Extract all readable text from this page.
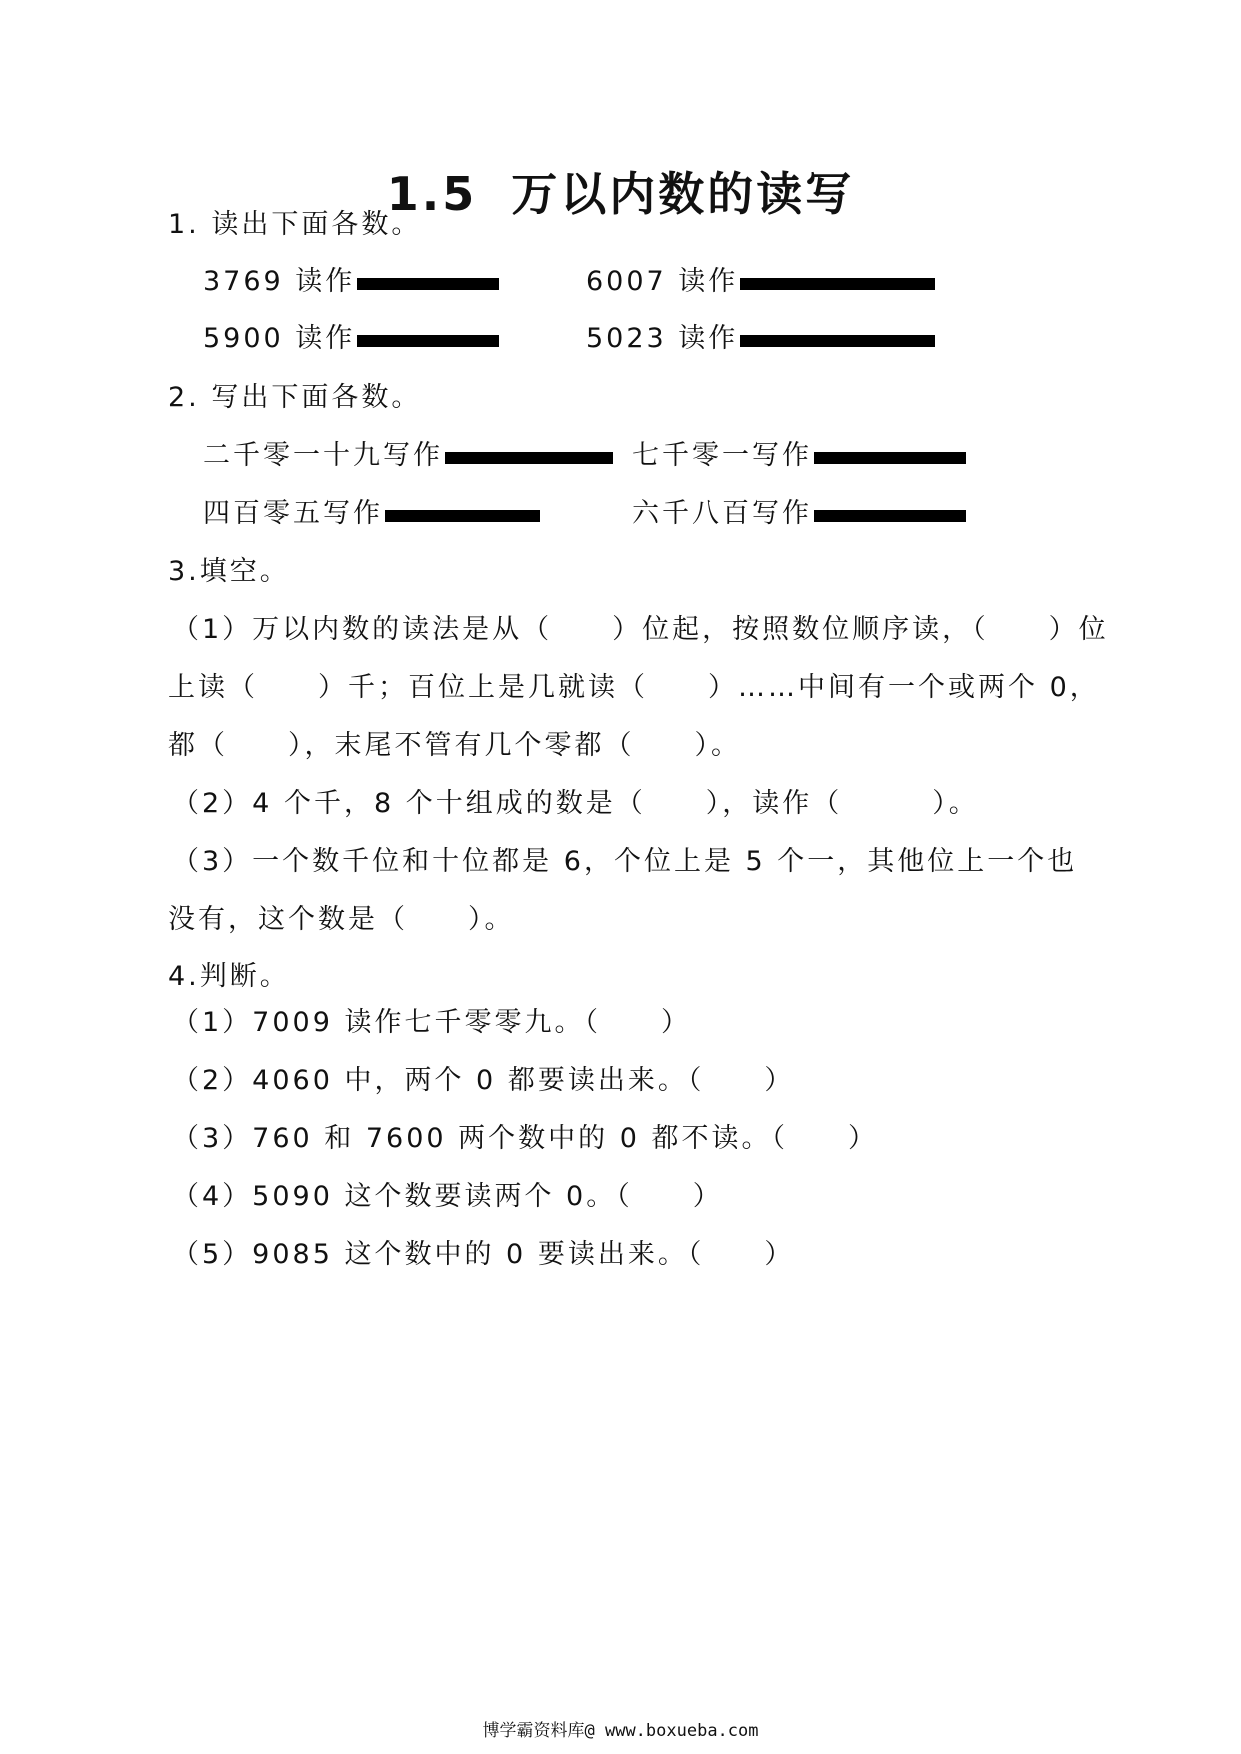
1.5 万以内数的读写
1. 读出下面各数。
3769 读作	6007 读作
5900 读作	5023 读作
2. 写出下面各数。
二千零一十九写作	七千零一写作
四百零五写作	六千八百写作
3.填空。
（1）万以内数的读法是从（　　）位起，按照数位顺序读，（　　）位
上读（　　）千；百位上是几就读（　　）……中间有一个或两个 0，
都（　　），末尾不管有几个零都（　　）。
（2）4 个千，8 个十组成的数是（　　），读作（　　　）。
（3）一个数千位和十位都是 6，个位上是 5 个一，其他位上一个也
没有，这个数是（　　）。
4.判断。
（1）7009 读作七千零零九。（　　）
（2）4060 中，两个 0 都要读出来。（　　）
（3）760 和 7600 两个数中的 0 都不读。（　　）
（4）5090 这个数要读两个 0。（　　）
（5）9085 这个数中的 0 要读出来。（　　）
博学霸资料库@ www.boxueba.com
